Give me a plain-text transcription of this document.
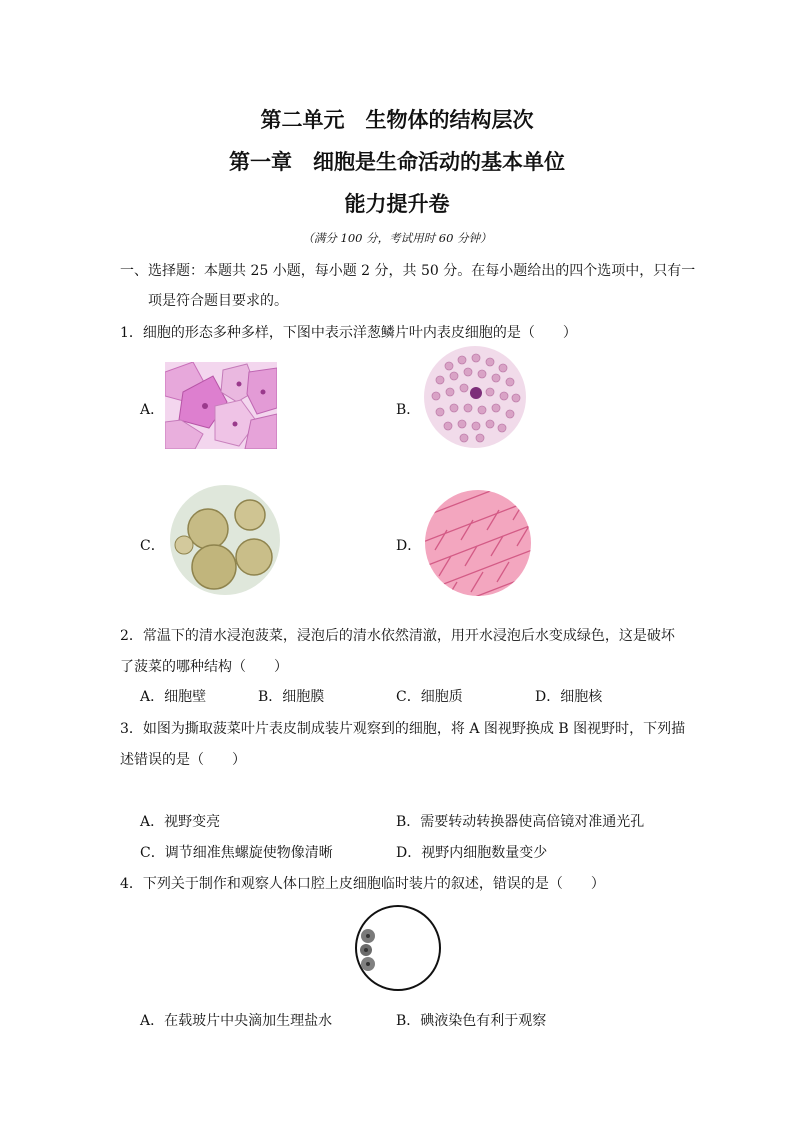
第二单元　生物体的结构层次
第一章　细胞是生命活动的基本单位
能力提升卷
（满分 100 分，考试用时 60 分钟）
一、选择题：本题共 25 小题，每小题 2 分，共 50 分。在每小题给出的四个选项中，只有一
项是符合题目要求的。
1．细胞的形态多种多样，下图中表示洋葱鳞片叶内表皮细胞的是（　　）
A．	B．
C．	D．
2．常温下的清水浸泡菠菜，浸泡后的清水依然清澈，用开水浸泡后水变成绿色，这是破坏
了菠菜的哪种结构（　　）
A．细胞壁	B．细胞膜	C．细胞质	D．细胞核
3．如图为撕取菠菜叶片表皮制成装片观察到的细胞，将 A 图视野换成 B 图视野时，下列描
述错误的是（　　）
A．视野变亮	B．需要转动转换器使高倍镜对准通光孔
C．调节细准焦螺旋使物像清晰	D．视野内细胞数量变少
4．下列关于制作和观察人体口腔上皮细胞临时装片的叙述，错误的是（　　）
A．在载玻片中央滴加生理盐水	B．碘液染色有利于观察
